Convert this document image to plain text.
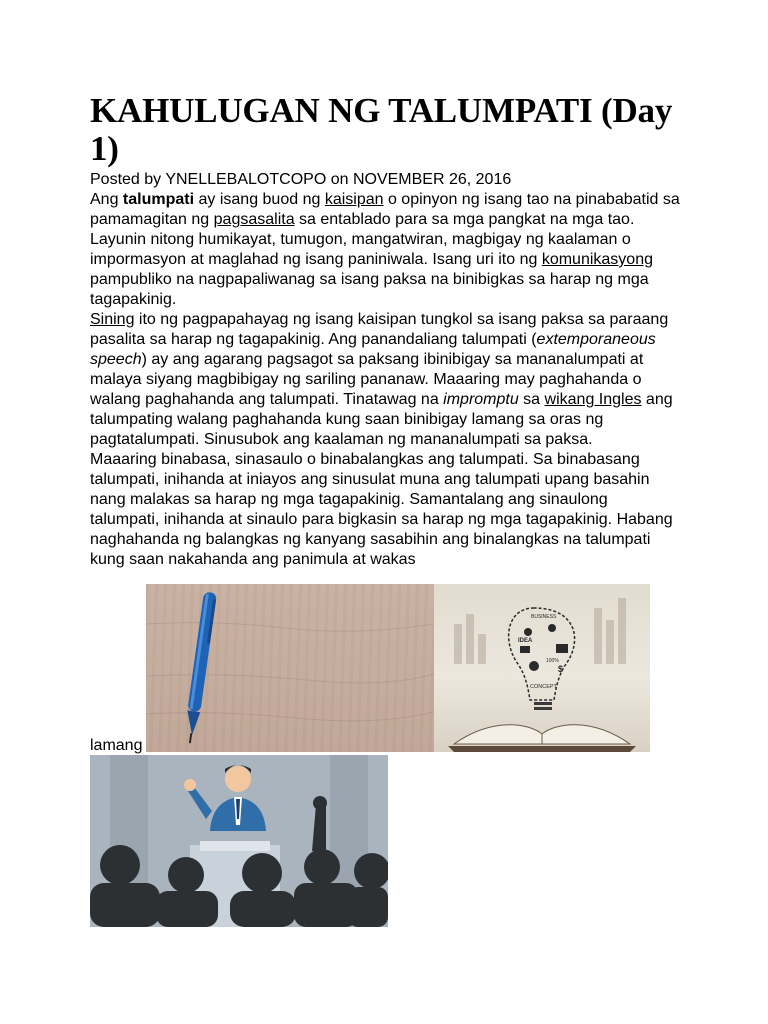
KAHULUGAN NG TALUMPATI (Day 1)
Posted by YNELLEBALOTCOPO on NOVEMBER 26, 2016
Ang talumpati ay isang buod ng kaisipan o opinyon ng isang tao na pinababatid sa pamamagitan ng pagsasalita sa entablado para sa mga pangkat na mga tao. Layunin nitong humikayat, tumugon, mangatwiran, magbigay ng kaalaman o impormasyon at maglahad ng isang paniniwala. Isang uri ito ng komunikasyong pampubliko na nagpapaliwanag sa isang paksa na binibigkas sa harap ng mga tagapakinig.
Sining ito ng pagpapahayag ng isang kaisipan tungkol sa isang paksa sa paraang pasalita sa harap ng tagapakinig. Ang panandaliang talumpati (extemporaneous speech) ay ang agarang pagsagot sa paksang ibinibigay sa mananalumpati at malaya siyang magbibigay ng sariling pananaw. Maaaring may paghahanda o walang paghahanda ang talumpati. Tinatawag na impromptu sa wikang Ingles ang talumpating walang paghahanda kung saan binibigay lamang sa oras ng pagtatalumpati. Sinusubok ang kaalaman ng mananalumpati sa paksa.
Maaaring binabasa, sinasaulo o binabalangkas ang talumpati. Sa binabasang talumpati, inihanda at iniayos ang sinusulat muna ang talumpati upang basahin nang malakas sa harap ng mga tagapakinig. Samantalang ang sinaulong talumpati, inihanda at sinaulo para bigkasin sa harap ng mga tagapakinig. Habang naghahanda ng balangkas ng kanyang sasabihin ang binalangkas na talumpati kung saan nakahanda ang panimula at wakas
lamang
BUSINESS
IDEA
100%
$
CONCEPT
